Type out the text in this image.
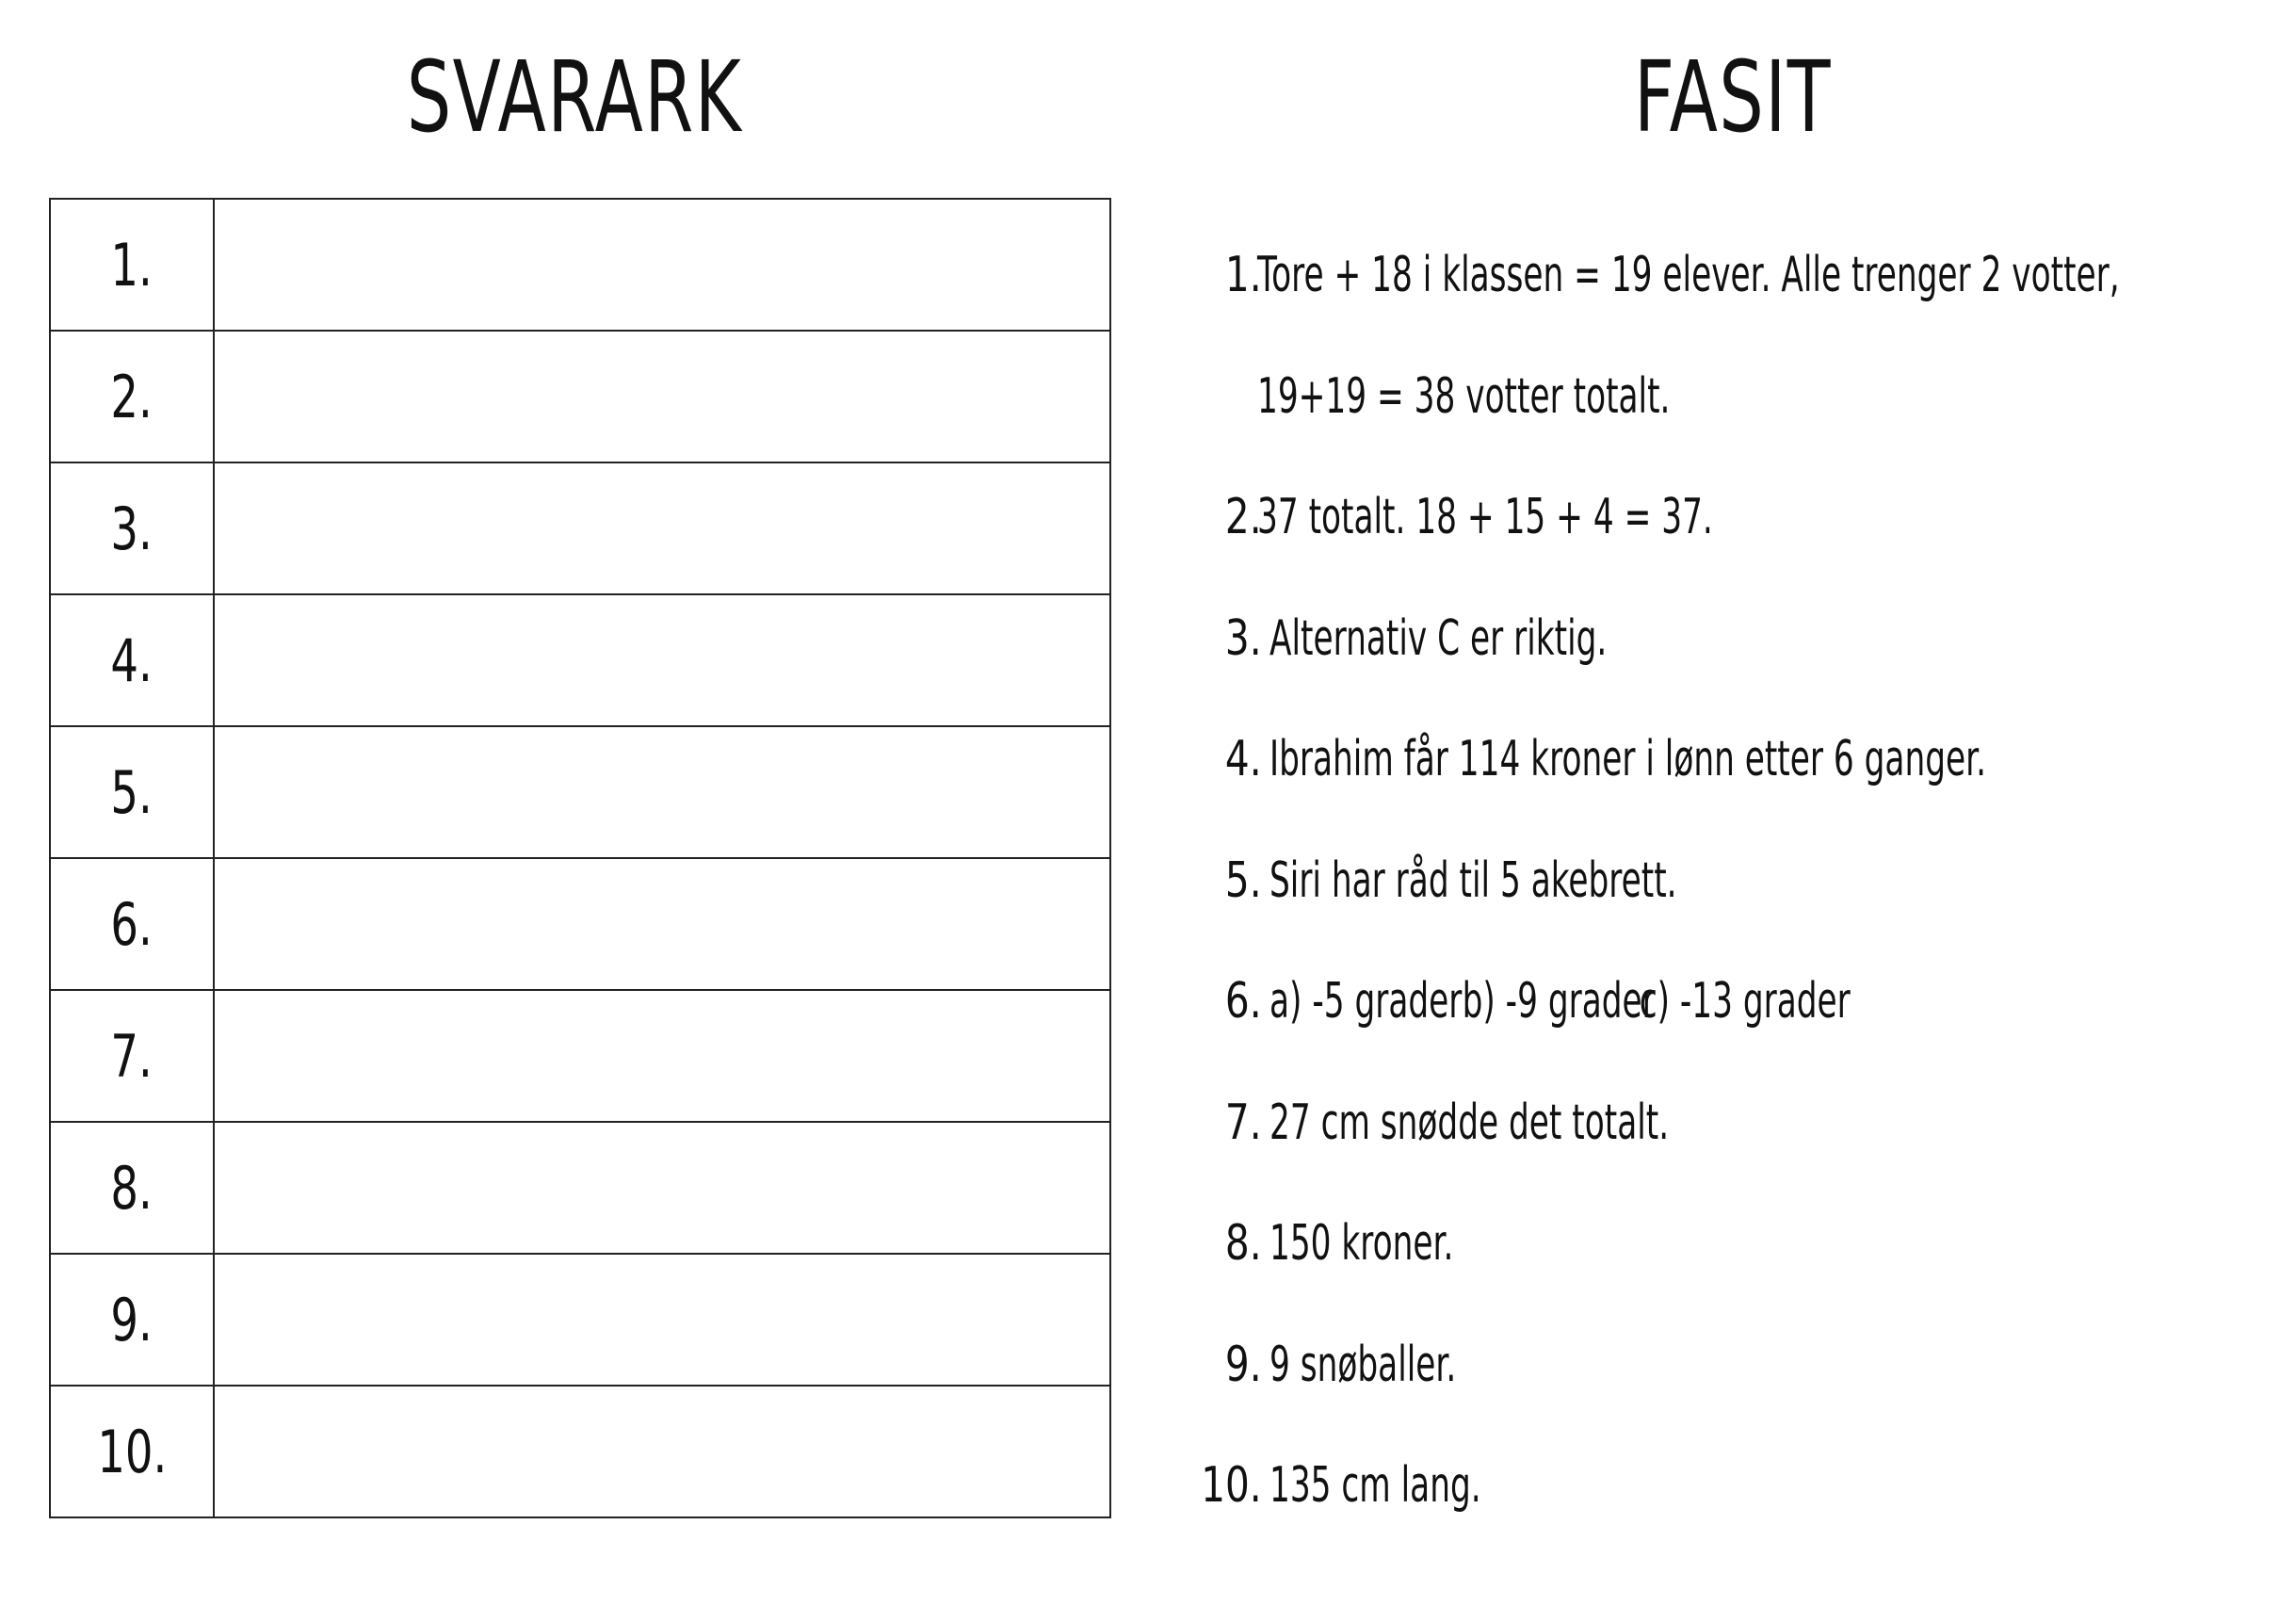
SVARARK	FASIT
1.	
2.	
3.	
4.	
5.	
6.	
7.	
8.	
9.	
10.	
1.
Tore + 18 i klassen = 19 elever. Alle trenger 2 votter,
19+19 = 38 votter totalt.
2.
37 totalt. 18 + 15 + 4 = 37.
3. Alternativ C er riktig.
4. Ibrahim får 114 kroner i lønn etter 6 ganger.
5. Siri har råd til 5 akebrett.
6. a) -5 graderb) -9 graderc) -13 grader
7. 27 cm snødde det totalt.
8. 150 kroner.
9. 9 snøballer.
10. 135 cm lang.
